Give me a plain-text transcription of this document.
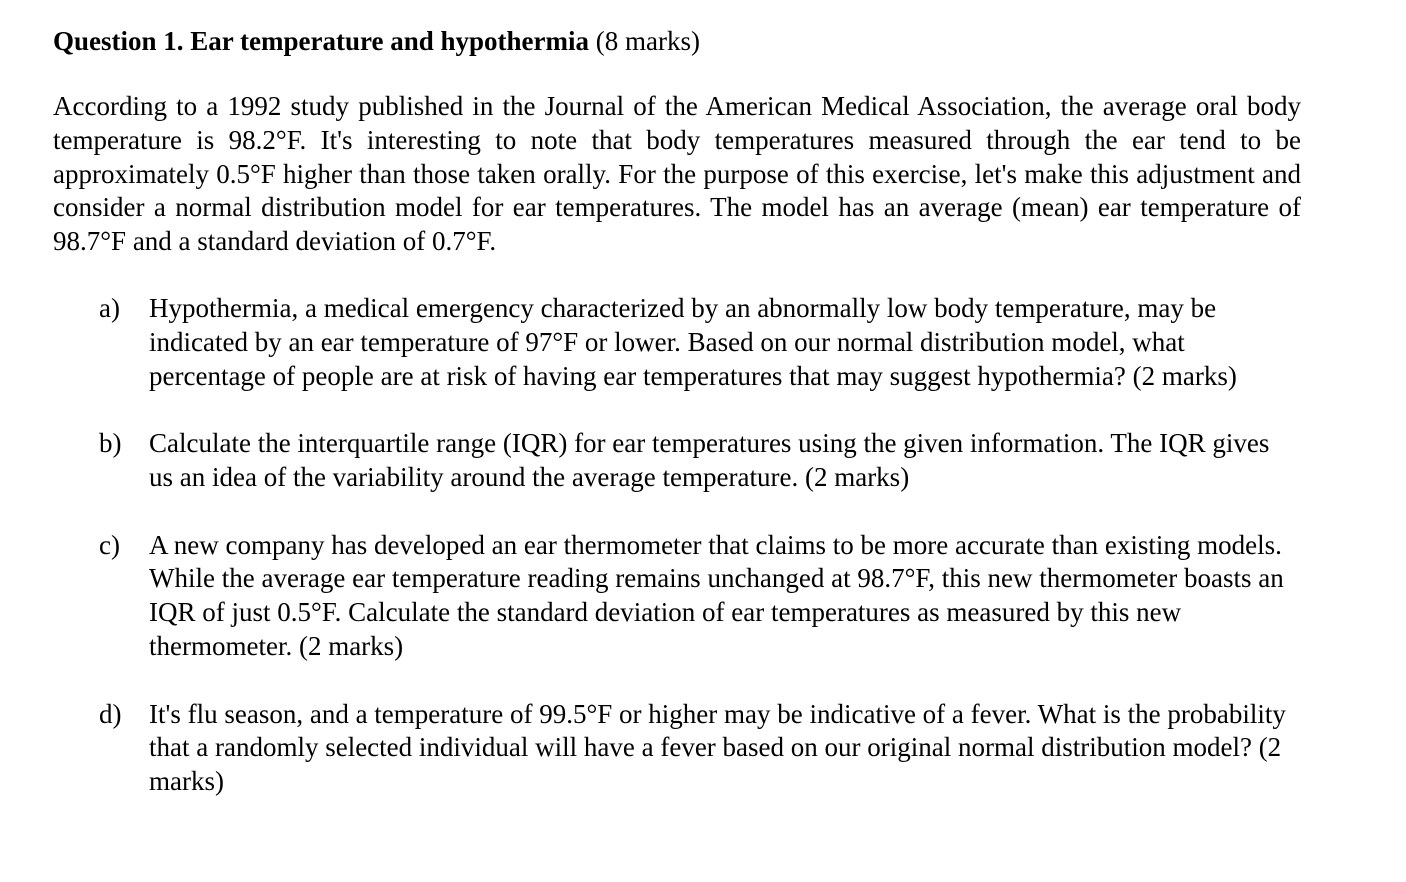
Question 1. Ear temperature and hypothermia (8 marks)

According to a 1992 study published in the Journal of the American Medical Association, the average oral body temperature is 98.2°F. It's interesting to note that body temperatures measured through the ear tend to be approximately 0.5°F higher than those taken orally. For the purpose of this exercise, let's make this adjustment and consider a normal distribution model for ear temperatures. The model has an average (mean) ear temperature of 98.7°F and a standard deviation of 0.7°F.

a)	Hypothermia, a medical emergency characterized by an abnormally low body temperature, may be indicated by an ear temperature of 97°F or lower. Based on our normal distribution model, what percentage of people are at risk of having ear temperatures that may suggest hypothermia? (2 marks)
b)	Calculate the interquartile range (IQR) for ear temperatures using the given information. The IQR gives us an idea of the variability around the average temperature. (2 marks)
c)	A new company has developed an ear thermometer that claims to be more accurate than existing models. While the average ear temperature reading remains unchanged at 98.7°F, this new thermometer boasts an IQR of just 0.5°F. Calculate the standard deviation of ear temperatures as measured by this new thermometer. (2 marks)
d)	It's flu season, and a temperature of 99.5°F or higher may be indicative of a fever. What is the probability that a randomly selected individual will have a fever based on our original normal distribution model? (2 marks)
